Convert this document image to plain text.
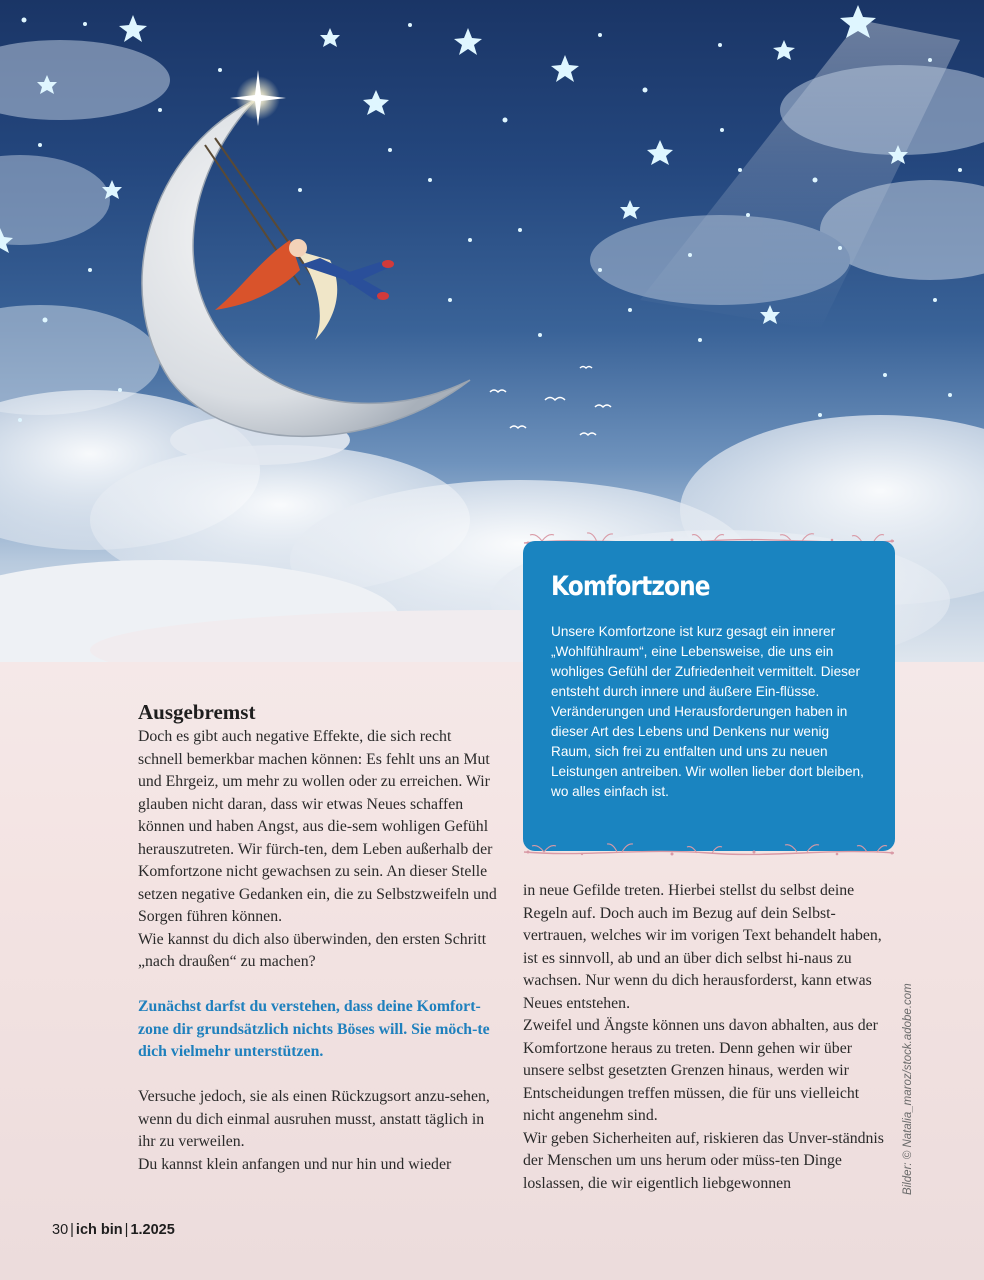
Komfortzone

Unsere Komfortzone ist kurz gesagt ein innerer „Wohlfühlraum“, eine Lebensweise, die uns ein wohliges Gefühl der Zufriedenheit vermittelt. Dieser entsteht durch innere und äußere Ein-flüsse.

Veränderungen und Herausforderungen haben in dieser Art des Lebens und Denkens nur wenig Raum, sich frei zu entfalten und uns zu neuen Leistungen antreiben. Wir wollen lieber dort bleiben, wo alles einfach ist.

Ausgebremst

Doch es gibt auch negative Effekte, die sich recht schnell bemerkbar machen können: Es fehlt uns an Mut und Ehrgeiz, um mehr zu wollen oder zu erreichen. Wir glauben nicht daran, dass wir etwas Neues schaffen können und haben Angst, aus die-sem wohligen Gefühl herauszutreten. Wir fürch-ten, dem Leben außerhalb der Komfortzone nicht gewachsen zu sein. An dieser Stelle setzen negative Gedanken ein, die zu Selbstzweifeln und Sorgen führen können.

Wie kannst du dich also überwinden, den ersten Schritt „nach draußen“ zu machen?

Zunächst darfst du verstehen, dass deine Komfort-zone dir grundsätzlich nichts Böses will. Sie möch-te dich vielmehr unterstützen.

Versuche jedoch, sie als einen Rückzugsort anzu-sehen, wenn du dich einmal ausruhen musst, anstatt täglich in ihr zu verweilen.

Du kannst klein anfangen und nur hin und wieder

in neue Gefilde treten. Hierbei stellst du selbst deine Regeln auf. Doch auch im Bezug auf dein Selbst-vertrauen, welches wir im vorigen Text behandelt haben, ist es sinnvoll, ab und an über dich selbst hi-naus zu wachsen. Nur wenn du dich herausforderst, kann etwas Neues entstehen.

Zweifel und Ängste können uns davon abhalten, aus der Komfortzone heraus zu treten. Denn gehen wir über unsere selbst gesetzten Grenzen hinaus, werden wir Entscheidungen treffen müssen, die für uns vielleicht nicht angenehm sind.

Wir geben Sicherheiten auf, riskieren das Unver-ständnis der Menschen um uns herum oder müss-ten Dinge loslassen, die wir eigentlich liebgewonnen

30 | ich bin | 1.2025
Bilder: © Natalia_maroz/stock.adobe.com
